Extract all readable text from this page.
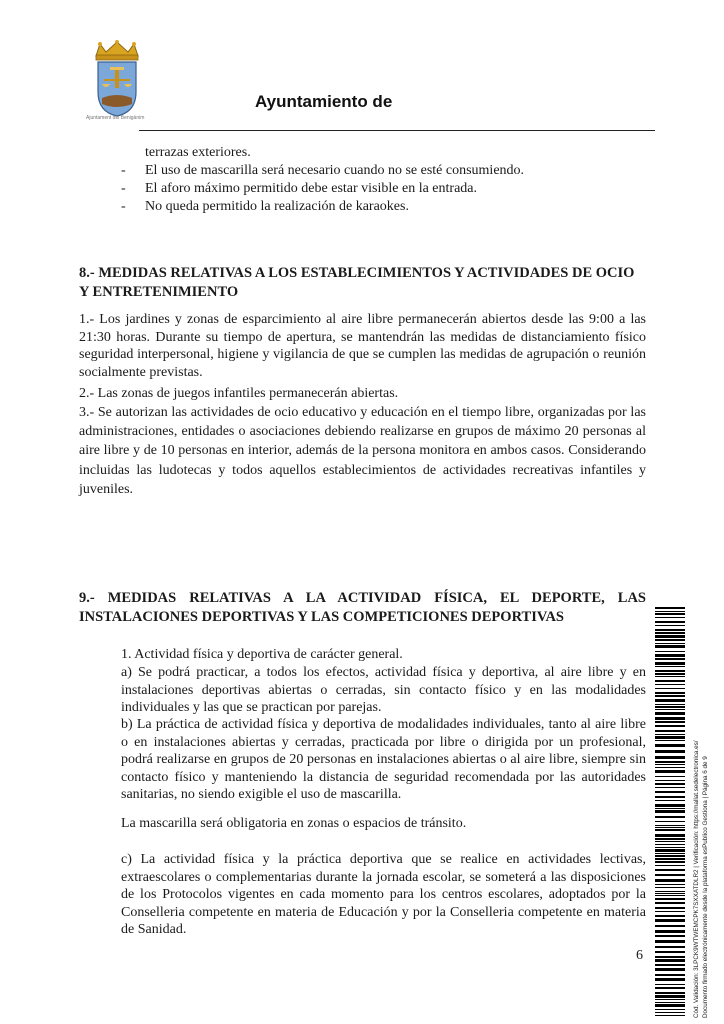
Ajuntament del Benigànim
Ayuntamiento de
terrazas exteriores.
- El uso de mascarilla será necesario cuando no se esté consumiendo.
- El aforo máximo permitido debe estar visible en la entrada.
- No queda permitido la realización de karaokes.
8.- MEDIDAS RELATIVAS A LOS ESTABLECIMIENTOS Y ACTIVIDADES DE OCIO
Y ENTRETENIMIENTO
1.- Los jardines y zonas de esparcimiento al aire libre permanecerán abiertos desde las 9:00 a las 21:30 horas. Durante su tiempo de apertura, se mantendrán las medidas de distanciamiento físico seguridad interpersonal, higiene y vigilancia de que se cumplen las medidas de agrupación o reunión socialmente previstas.
2.- Las zonas de juegos infantiles permanecerán abiertas.
3.- Se autorizan las actividades de ocio educativo y educación en el tiempo libre, organizadas por las administraciones, entidades o asociaciones debiendo realizarse en grupos de máximo 20 personas al aire libre y de 10 personas en interior, además de la persona monitora en ambos casos. Considerando incluidas las ludotecas y todos aquellos establecimientos de actividades recreativas infantiles y juveniles.
9.- MEDIDAS RELATIVAS A LA ACTIVIDAD FÍSICA, EL DEPORTE, LAS INSTALACIONES DEPORTIVAS Y LAS COMPETICIONES DEPORTIVAS
1. Actividad física y deportiva de carácter general.
a) Se podrá practicar, a todos los efectos, actividad física y deportiva, al aire libre y en instalaciones deportivas abiertas o cerradas, sin contacto físico y en las modalidades individuales y las que se practican por parejas.
b) La práctica de actividad física y deportiva de modalidades individuales, tanto al aire libre o en instalaciones abiertas y cerradas, practicada por libre o dirigida por un profesional, podrá realizarse en grupos de 20 personas en instalaciones abiertas o al aire libre, siempre sin contacto físico y manteniendo la distancia de seguridad recomendada por las autoridades sanitarias, no siendo exigible el uso de mascarilla.
La mascarilla será obligatoria en zonas o espacios de tránsito.
c) La actividad física y la práctica deportiva que se realice en actividades lectivas, extraescolares o complementarias durante la jornada escolar, se someterá a las disposiciones de los Protocolos vigentes en cada momento para los centros escolares, adoptados por la Conselleria competente en materia de Educación y por la Conselleria competente en materia de Sanidad.
6	Cód. Validación: 3LPCK9WTWEMCPK7SXXATDLR2 | Verificación: https://mallat.sedelectronica.es/ Documento firmado electrónicamente desde la plataforma esPublico Gestiona | Página 6 de 9
